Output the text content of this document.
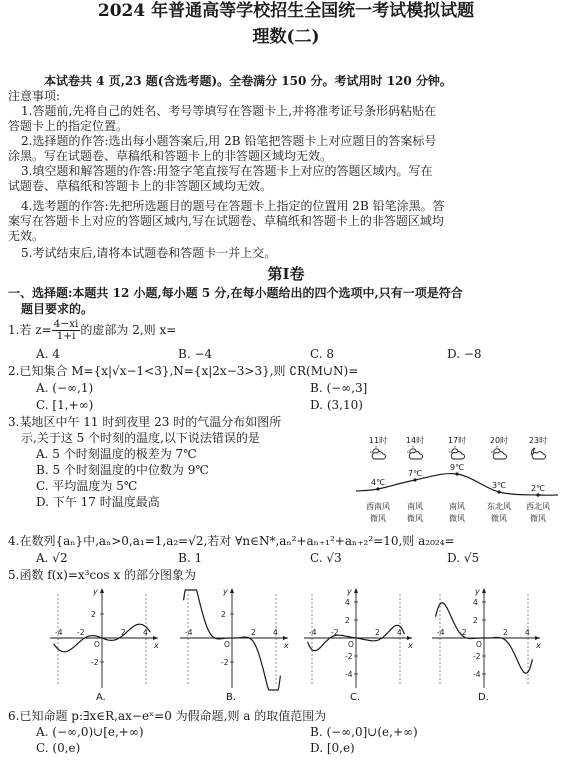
2024 年普通高等学校招生全国统一考试模拟试题
理数(二)
本试卷共 4 页,23 题(含选考题)。全卷满分 150 分。考试用时 120 分钟。
注意事项:
1.答题前,先将自己的姓名、考号等填写在答题卡上,并将准考证号条形码粘贴在
答题卡上的指定位置。
2.选择题的作答:选出每小题答案后,用 2B 铅笔把答题卡上对应题目的答案标号
涂黑。写在试题卷、草稿纸和答题卡上的非答题区域均无效。
3.填空题和解答题的作答:用签字笔直接写在答题卡上对应的答题区域内。写在
试题卷、草稿纸和答题卡上的非答题区域均无效。
4.选考题的作答:先把所选题目的题号在答题卡上指定的位置用 2B 铅笔涂黑。答
案写在答题卡上对应的答题区域内,写在试题卷、草稿纸和答题卡上的非答题区域均
无效。
5.考试结束后,请将本试题卷和答题卡一并上交。
第Ⅰ卷
一、选择题:本题共 12 小题,每小题 5 分,在每小题给出的四个选项中,只有一项是符合
题目要求的。
1.若 $z= \frac{4-xi}{1+i}$ 的虚部为 2,则 x=
A. 4	B. −4	C. 8	D. −8
2.已知集合 M={x|√x−1<3},N={x|2x−3>3},则 ∁R(M∪N)=
A. (−∞,1)	B. (−∞,3]
C. [1,+∞)	D. (3,10)
3.某地区中午 11 时到夜里 23 时的气温分布如图所
示,关于这 5 个时刻的温度,以下说法错误的是
A. 5 个时刻温度的极差为 7℃
B. 5 个时刻温度的中位数为 9℃
C. 平均温度为 5℃
D. 下午 17 时温度最高
11时 14时	17时	20时	23时
4℃
7℃
9℃
3℃	2℃
西南风
微风
南风
微风
南风
微风
东北风
微风
西北风
微风
4.在数列{aₙ}中,aₙ>0,a₁=1,a₂=√2,若对 ∀n∈N*,aₙ²+aₙ₊₁²+aₙ₊₂²=10,则 a₂₀₂₄=
A. √2	B. 1	C. √3	D. √5
5.函数 f(x)=x³cos x 的部分图象为
x
y
O
-4 -2	2 4
2
-2
A.
x
y
O
-4	2 4
2
-2
B.
x
y
O
-4 -2	2 4
4
2
-2
-4
C.
x
y
O
-4 -2	2 4
4
2
-2
-4
D.
6.已知命题 p:∃x∈R,ax−eˣ=0 为假命题,则 a 的取值范围为
A. (−∞,0)∪[e,+∞)	B. (−∞,0]∪(e,+∞)
C. (0,e)	D. [0,e)
